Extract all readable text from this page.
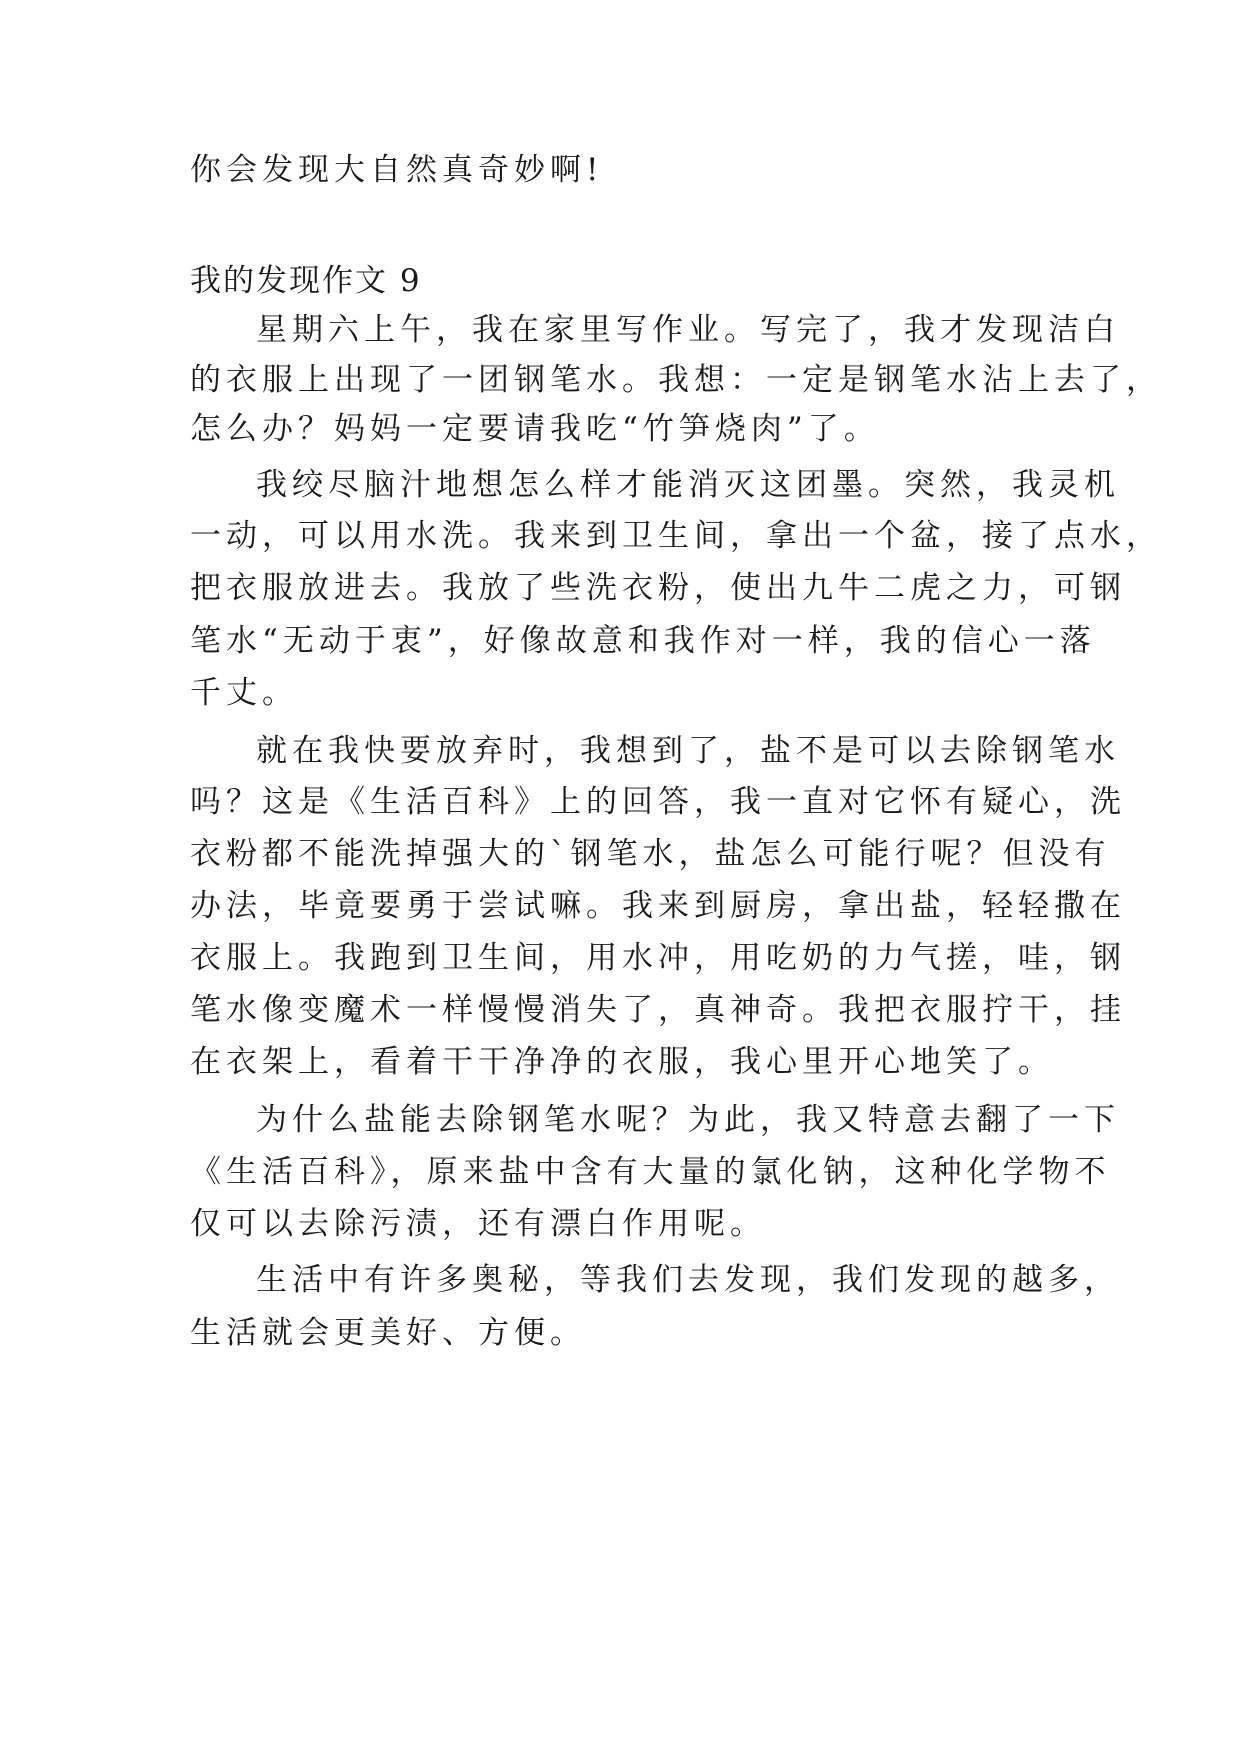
你会发现大自然真奇妙啊!
我的发现作文 9
星期六上午，我在家里写作业。写完了，我才发现洁白
的衣服上出现了一团钢笔水。我想：一定是钢笔水沾上去了，
怎么办？妈妈一定要请我吃“竹笋烧肉”了。
我绞尽脑汁地想怎么样才能消灭这团墨。突然，我灵机
一动，可以用水洗。我来到卫生间，拿出一个盆，接了点水，
把衣服放进去。我放了些洗衣粉，使出九牛二虎之力，可钢
笔水“无动于衷”，好像故意和我作对一样，我的信心一落
千丈。
就在我快要放弃时，我想到了，盐不是可以去除钢笔水
吗？这是《生活百科》上的回答，我一直对它怀有疑心，洗
衣粉都不能洗掉强大的`钢笔水，盐怎么可能行呢？但没有
办法，毕竟要勇于尝试嘛。我来到厨房，拿出盐，轻轻撒在
衣服上。我跑到卫生间，用水冲，用吃奶的力气搓，哇，钢
笔水像变魔术一样慢慢消失了，真神奇。我把衣服拧干，挂
在衣架上，看着干干净净的衣服，我心里开心地笑了。
为什么盐能去除钢笔水呢？为此，我又特意去翻了一下
《生活百科》，原来盐中含有大量的氯化钠，这种化学物不
仅可以去除污渍，还有漂白作用呢。
生活中有许多奥秘，等我们去发现，我们发现的越多，
生活就会更美好、方便。
